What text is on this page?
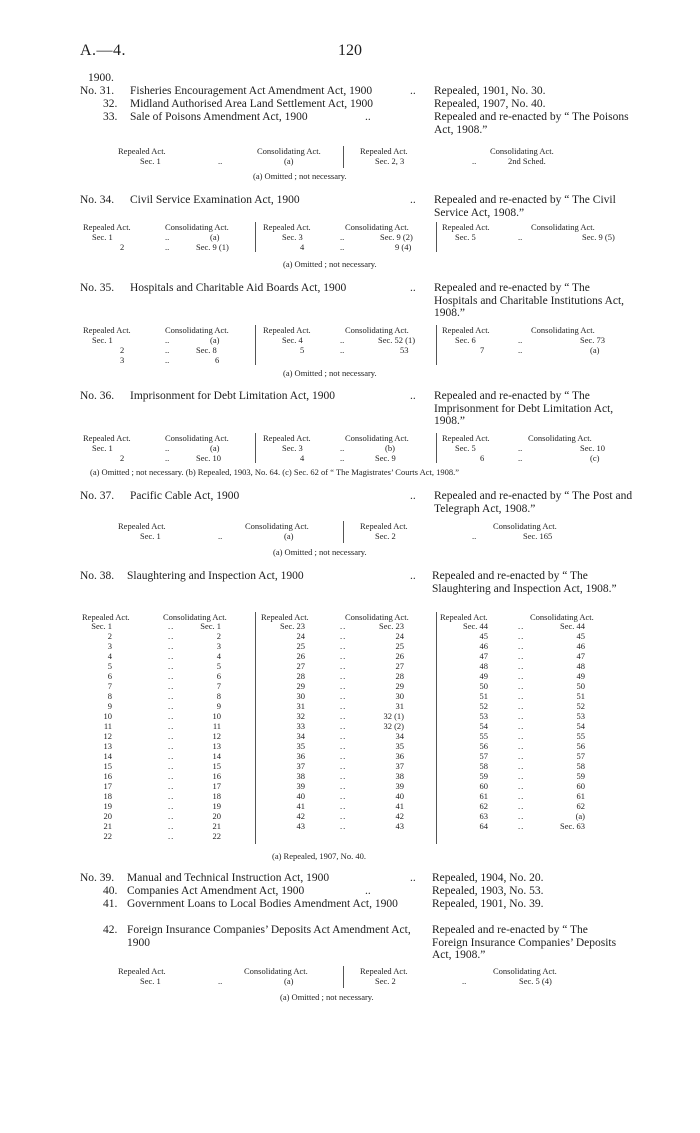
A.—4.	120
1900.
No. 31. Fisheries Encouragement Act Amendment Act, 1900	.. Repealed, 1901, No. 30.
32. Midland Authorised Area Land Settlement Act, 1900	Repealed, 1907, No. 40.
33. Sale of Poisons Amendment Act, 1900	..	Repealed and re-enacted by “ The Poisons Act, 1908.”
Repealed Act.	Consolidating Act.	Repealed Act.	Consolidating Act.
Sec. 1	..	(a)	Sec. 2, 3	..	2nd Sched.
(a) Omitted ; not necessary.
No. 34. Civil Service Examination Act, 1900	.. Repealed and re-enacted by “ The Civil Service Act, 1908.”
Repealed Act.	Consolidating Act.	Repealed Act.	Consolidating Act.	Repealed Act.	Consolidating Act.
Sec. 1	..	(a)	Sec. 3	..	Sec. 9 (2)	Sec. 5	..	Sec. 9 (5)
2	..	Sec. 9 (1)	4	..	9 (4)
(a) Omitted ; not necessary.
No. 35. Hospitals and Charitable Aid Boards Act, 1900	.. Repealed and re-enacted by “ The Hospitals and Charitable Institutions Act, 1908.”
Repealed Act.	Consolidating Act.	Repealed Act.	Consolidating Act.	Repealed Act.	Consolidating Act.
Sec. 1	..	(a)	Sec. 4	..	Sec. 52 (1)	Sec. 6	..	Sec. 73
2	..	Sec. 8	5	..	53	7	..	(a)
3	..	6
(a) Omitted ; not necessary.
No. 36. Imprisonment for Debt Limitation Act, 1900	.. Repealed and re-enacted by “ The Imprisonment for Debt Limitation Act, 1908.”
Repealed Act.	Consolidating Act.	Repealed Act.	Consolidating Act.	Repealed Act.	Consolidating Act.
Sec. 1	..	(a)	Sec. 3	..	(b)	Sec. 5	..	Sec. 10
2	..	Sec. 10	4	..	Sec. 9	6	..	(c)
(a) Omitted ; not necessary. (b) Repealed, 1903, No. 64. (c) Sec. 62 of “ The Magistrates’ Courts Act, 1908.”
No. 37. Pacific Cable Act, 1900	.. Repealed and re-enacted by “ The Post and Telegraph Act, 1908.”
Repealed Act.	Consolidating Act.	Repealed Act.	Consolidating Act.
Sec. 1	..	(a)	Sec. 2	..	Sec. 165
(a) Omitted ; not necessary.
No. 38. Slaughtering and Inspection Act, 1900	.. Repealed and re-enacted by “ The Slaughtering and Inspection Act, 1908.”
Repealed Act.	Consolidating Act.	Repealed Act.	Consolidating Act.	Repealed Act.	Consolidating Act.
Sec. 1	..	Sec. 1
2	..	2
3	..	3
4	..	4
5	..	5
6	..	6
7	..	7
8	..	8
9	..	9
10	..	10
11	..	11
12	..	12
13	..	13
14	..	14
15	..	15
16	..	16
17	..	17
18	..	18
19	..	19
20	..	20
21	..	21
22	..	22
Sec. 23	..	Sec. 23
24	..	24
25	..	25
26	..	26
27	..	27
28	..	28
29	..	29
30	..	30
31	..	31
32	..	32 (1)
33	..	32 (2)
34	..	34
35	..	35
36	..	36
37	..	37
38	..	38
39	..	39
40	..	40
41	..	41
42	..	42
43	..	43
Sec. 44	..	Sec. 44
45	..	45
46	..	46
47	..	47
48	..	48
49	..	49
50	..	50
51	..	51
52	..	52
53	..	53
54	..	54
55	..	55
56	..	56
57	..	57
58	..	58
59	..	59
60	..	60
61	..	61
62	..	62
63	..	(a)
64	..	Sec. 63
(a) Repealed, 1907, No. 40.
No. 39. Manual and Technical Instruction Act, 1900	.. Repealed, 1904, No. 20.
40. Companies Act Amendment Act, 1900	..	Repealed, 1903, No. 53.
41. Government Loans to Local Bodies Amendment Act, 1900	Repealed, 1901, No. 39.
42. Foreign Insurance Companies’ Deposits Act Amendment Act, 1900
Repealed and re-enacted by “ The Foreign Insurance Companies’ Deposits Act, 1908.”
Repealed Act.	Consolidating Act.	Repealed Act.	Consolidating Act.
Sec. 1	..	(a)	Sec. 2	..	Sec. 5 (4)
(a) Omitted ; not necessary.
